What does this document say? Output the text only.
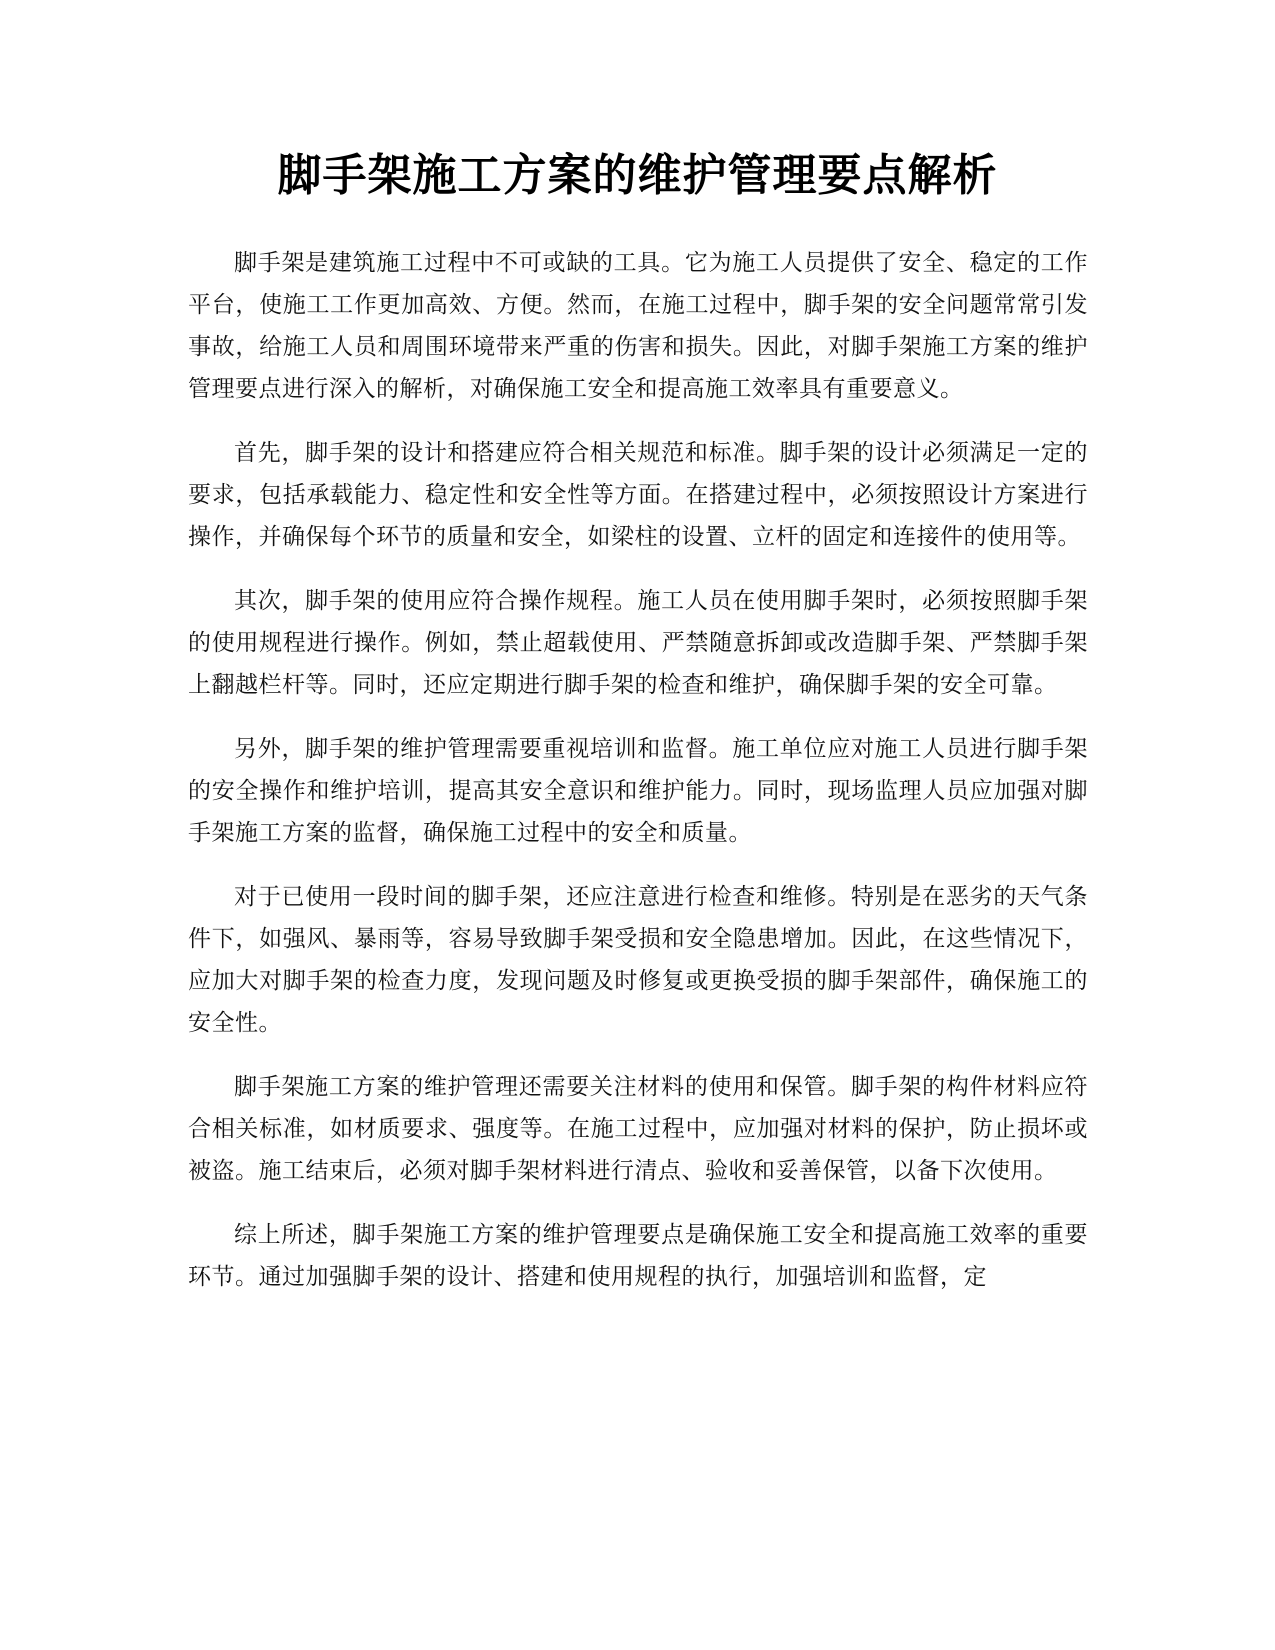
脚手架施工方案的维护管理要点解析

脚手架是建筑施工过程中不可或缺的工具。它为施工人员提供了安全、稳定的工作平台，使施工工作更加高效、方便。然而，在施工过程中，脚手架的安全问题常常引发事故，给施工人员和周围环境带来严重的伤害和损失。因此，对脚手架施工方案的维护管理要点进行深入的解析，对确保施工安全和提高施工效率具有重要意义。

首先，脚手架的设计和搭建应符合相关规范和标准。脚手架的设计必须满足一定的要求，包括承载能力、稳定性和安全性等方面。在搭建过程中，必须按照设计方案进行操作，并确保每个环节的质量和安全，如梁柱的设置、立杆的固定和连接件的使用等。

其次，脚手架的使用应符合操作规程。施工人员在使用脚手架时，必须按照脚手架的使用规程进行操作。例如，禁止超载使用、严禁随意拆卸或改造脚手架、严禁脚手架上翻越栏杆等。同时，还应定期进行脚手架的检查和维护，确保脚手架的安全可靠。

另外，脚手架的维护管理需要重视培训和监督。施工单位应对施工人员进行脚手架的安全操作和维护培训，提高其安全意识和维护能力。同时，现场监理人员应加强对脚手架施工方案的监督，确保施工过程中的安全和质量。

对于已使用一段时间的脚手架，还应注意进行检查和维修。特别是在恶劣的天气条件下，如强风、暴雨等，容易导致脚手架受损和安全隐患增加。因此，在这些情况下，应加大对脚手架的检查力度，发现问题及时修复或更换受损的脚手架部件，确保施工的安全性。

脚手架施工方案的维护管理还需要关注材料的使用和保管。脚手架的构件材料应符合相关标准，如材质要求、强度等。在施工过程中，应加强对材料的保护，防止损坏或被盗。施工结束后，必须对脚手架材料进行清点、验收和妥善保管，以备下次使用。

综上所述，脚手架施工方案的维护管理要点是确保施工安全和提高施工效率的重要环节。通过加强脚手架的设计、搭建和使用规程的执行，加强培训和监督，定
